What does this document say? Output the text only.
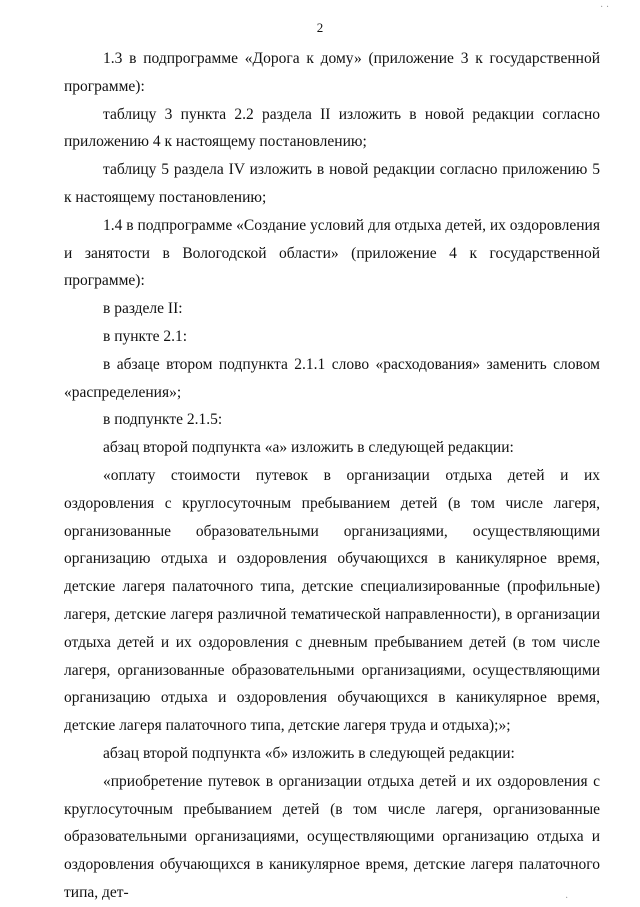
2

1.3 в подпрограмме «Дорога к дому» (приложение 3 к государственной программе):

таблицу 3 пункта 2.2 раздела II изложить в новой редакции согласно приложению 4 к настоящему постановлению;

таблицу 5 раздела IV изложить в новой редакции согласно приложению 5 к настоящему постановлению;

1.4 в подпрограмме «Создание условий для отдыха детей, их оздоровления и занятости в Вологодской области» (приложение 4 к государственной программе):

в разделе II:

в пункте 2.1:

в абзаце втором подпункта 2.1.1 слово «расходования» заменить словом «распределения»;

в подпункте 2.1.5:

абзац второй подпункта «а» изложить в следующей редакции:

«оплату стоимости путевок в организации отдыха детей и их оздоровления с круглосуточным пребыванием детей (в том числе лагеря, организованные образовательными организациями, осуществляющими организацию отдыха и оздоровления обучающихся в каникулярное время, детские лагеря палаточного типа, детские специализированные (профильные) лагеря, детские лагеря различной тематической направленности), в организации отдыха детей и их оздоровления с дневным пребыванием детей (в том числе лагеря, организованные образовательными организациями, осуществляющими организацию отдыха и оздоровления обучающихся в каникулярное время, детские лагеря палаточного типа, детские лагеря труда и отдыха);»;

абзац второй подпункта «б» изложить в следующей редакции:

«приобретение путевок в организации отдыха детей и их оздоровления с круглосуточным пребыванием детей (в том числе лагеря, организованные образовательными организациями, осуществляющими организацию отдыха и оздоровления обучающихся в каникулярное время, детские лагеря палаточного типа, дет-

· ·
·
